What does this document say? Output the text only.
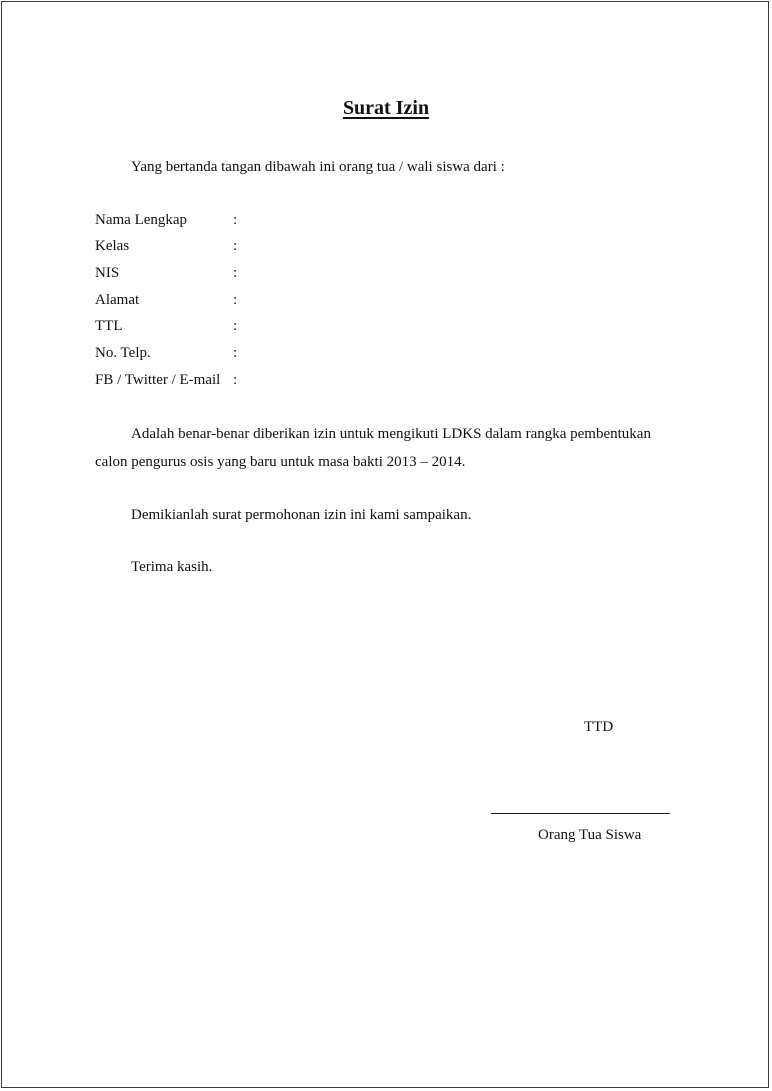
Surat Izin
Yang bertanda tangan dibawah ini orang tua / wali siswa dari :
Nama Lengkap	:
Kelas	:
NIS	:
Alamat	:
TTL	:
No. Telp.	:
FB / Twitter / E-mail :
Adalah benar-benar diberikan izin untuk mengikuti LDKS dalam rangka pembentukan
calon pengurus osis yang baru untuk masa bakti 2013 – 2014.
Demikianlah surat permohonan izin ini kami sampaikan.
Terima kasih.
TTD
Orang Tua Siswa
